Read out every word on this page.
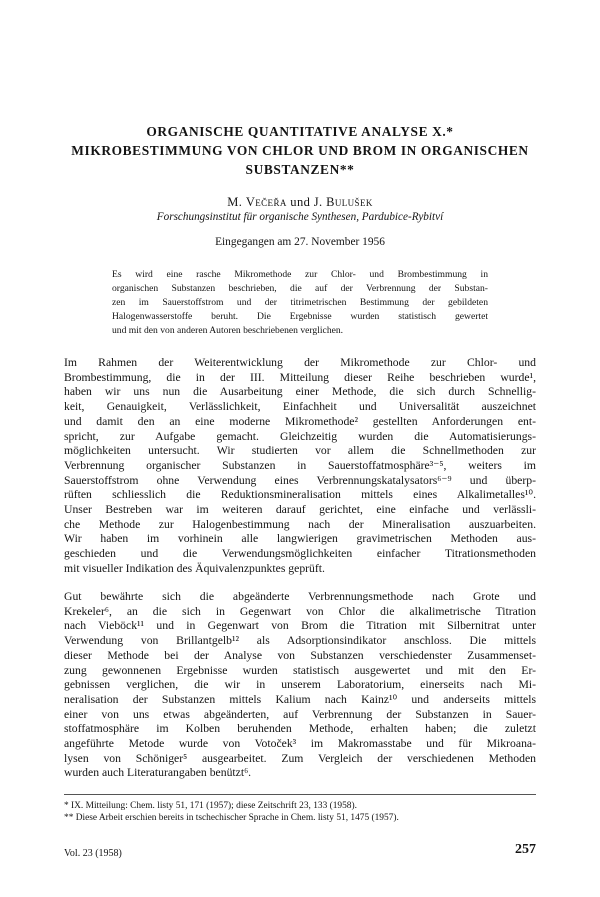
ORGANISCHE QUANTITATIVE ANALYSE X.*
MIKROBESTIMMUNG VON CHLOR UND BROM IN ORGANISCHEN
SUBSTANZEN**
M. Večeřa und J. Bulušek
Forschungsinstitut für organische Synthesen, Pardubice-Rybitví
Eingegangen am 27. November 1956
Es wird eine rasche Mikromethode zur Chlor- und Brombestimmung in
organischen Substanzen beschrieben, die auf der Verbrennung der Substan-
zen im Sauerstoffstrom und der titrimetrischen Bestimmung der gebildeten
Halogenwasserstoffe beruht. Die Ergebnisse wurden statistisch gewertet
und mit den von anderen Autoren beschriebenen verglichen.
Im Rahmen der Weiterentwicklung der Mikromethode zur Chlor- und
Brombestimmung, die in der III. Mitteilung dieser Reihe beschrieben wurde¹,
haben wir uns nun die Ausarbeitung einer Methode, die sich durch Schnellig-
keit, Genauigkeit, Verlässlichkeit, Einfachheit und Universalität auszeichnet
und damit den an eine moderne Mikromethode² gestellten Anforderungen ent-
spricht, zur Aufgabe gemacht. Gleichzeitig wurden die Automatisierungs-
möglichkeiten untersucht. Wir studierten vor allem die Schnellmethoden zur
Verbrennung organischer Substanzen in Sauerstoffatmosphäre³⁻⁵, weiters im
Sauerstoffstrom ohne Verwendung eines Verbrennungskatalysators⁶⁻⁹ und überp-
rüften schliesslich die Reduktionsmineralisation mittels eines Alkalimetalles¹⁰.
Unser Bestreben war im weiteren darauf gerichtet, eine einfache und verlässli-
che Methode zur Halogenbestimmung nach der Mineralisation auszuarbeiten.
Wir haben im vorhinein alle langwierigen gravimetrischen Methoden aus-
geschieden und die Verwendungsmöglichkeiten einfacher Titrationsmethoden
mit visueller Indikation des Äquivalenzpunktes geprüft.
Gut bewährte sich die abgeänderte Verbrennungsmethode nach Grote und
Krekeler⁶, an die sich in Gegenwart von Chlor die alkalimetrische Titration
nach Vieböck¹¹ und in Gegenwart von Brom die Titration mit Silbernitrat unter
Verwendung von Brillantgelb¹² als Adsorptionsindikator anschloss. Die mittels
dieser Methode bei der Analyse von Substanzen verschiedenster Zusammenset-
zung gewonnenen Ergebnisse wurden statistisch ausgewertet und mit den Er-
gebnissen verglichen, die wir in unserem Laboratorium, einerseits nach Mi-
neralisation der Substanzen mittels Kalium nach Kainz¹⁰ und anderseits mittels
einer von uns etwas abgeänderten, auf Verbrennung der Substanzen in Sauer-
stoffatmosphäre im Kolben beruhenden Methode, erhalten haben; die zuletzt
angeführte Metode wurde von Votoček³ im Makromasstabe und für Mikroana-
lysen von Schöniger⁵ ausgearbeitet. Zum Vergleich der verschiedenen Methoden
wurden auch Literaturangaben benützt⁶.
* IX. Mitteilung: Chem. listy 51, 171 (1957); diese Zeitschrift 23, 133 (1958).
** Diese Arbeit erschien bereits in tschechischer Sprache in Chem. listy 51, 1475 (1957).
Vol. 23 (1958)	257
